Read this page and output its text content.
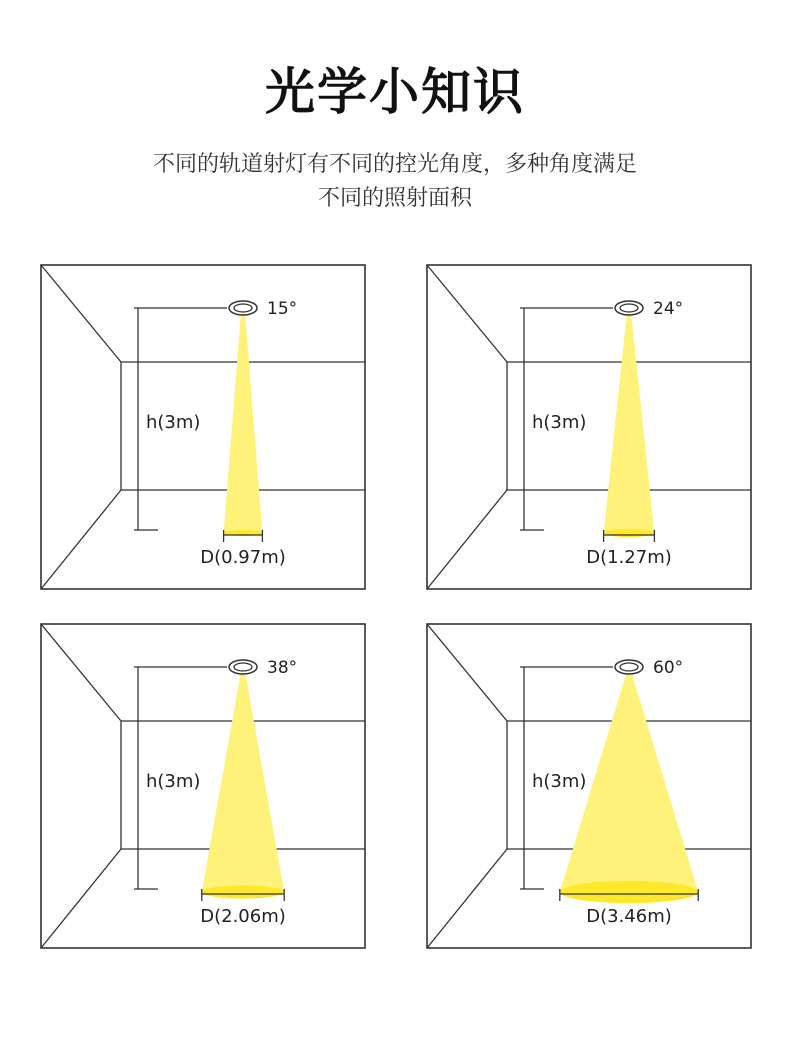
光学小知识
不同的轨道射灯有不同的控光角度，多种角度满足
不同的照射面积
15°
h(3m)
D(0.97m)
24°
h(3m)
D(1.27m)
38°
h(3m)
D(2.06m)
60°
h(3m)
D(3.46m)
